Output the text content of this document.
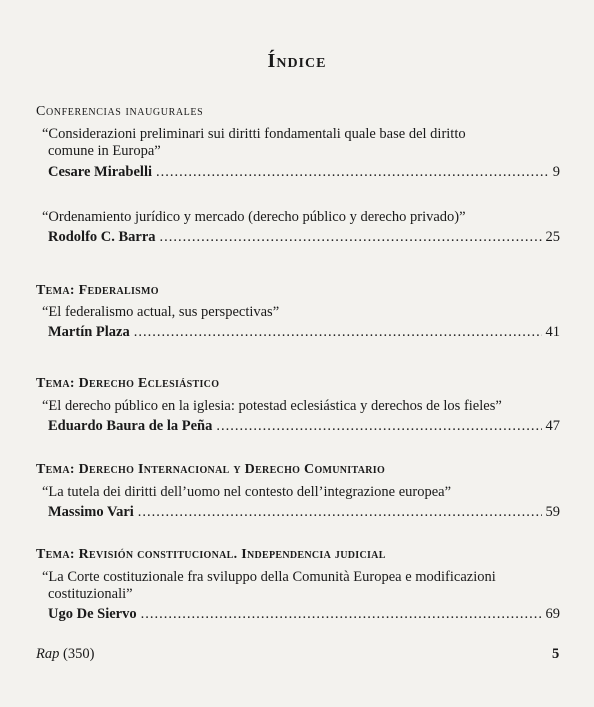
Índice
Conferencias inaugurales
“Considerazioni preliminari sui diritti fondamentali quale base del diritto
comune in Europa”
Cesare Mirabelli .....	9
“Ordenamiento jurídico y mercado (derecho público y derecho privado)”
Rodolfo C. Barra .....	25
Tema: Federalismo
“El federalismo actual, sus perspectivas”
Martín Plaza .....	41
Tema: Derecho Eclesiástico
“El derecho público en la iglesia: potestad eclesiástica y derechos de los fieles”
Eduardo Baura de la Peña .....	47
Tema: Derecho Internacional y Derecho Comunitario
“La tutela dei diritti dell’uomo nel contesto dell’integrazione europea”
Massimo Vari .....	59
Tema: Revisión constitucional. Independencia judicial
“La Corte costituzionale fra sviluppo della Comunità Europea e modificazioni
costituzionali”
Ugo De Siervo .....	69
Rap (350)	5
